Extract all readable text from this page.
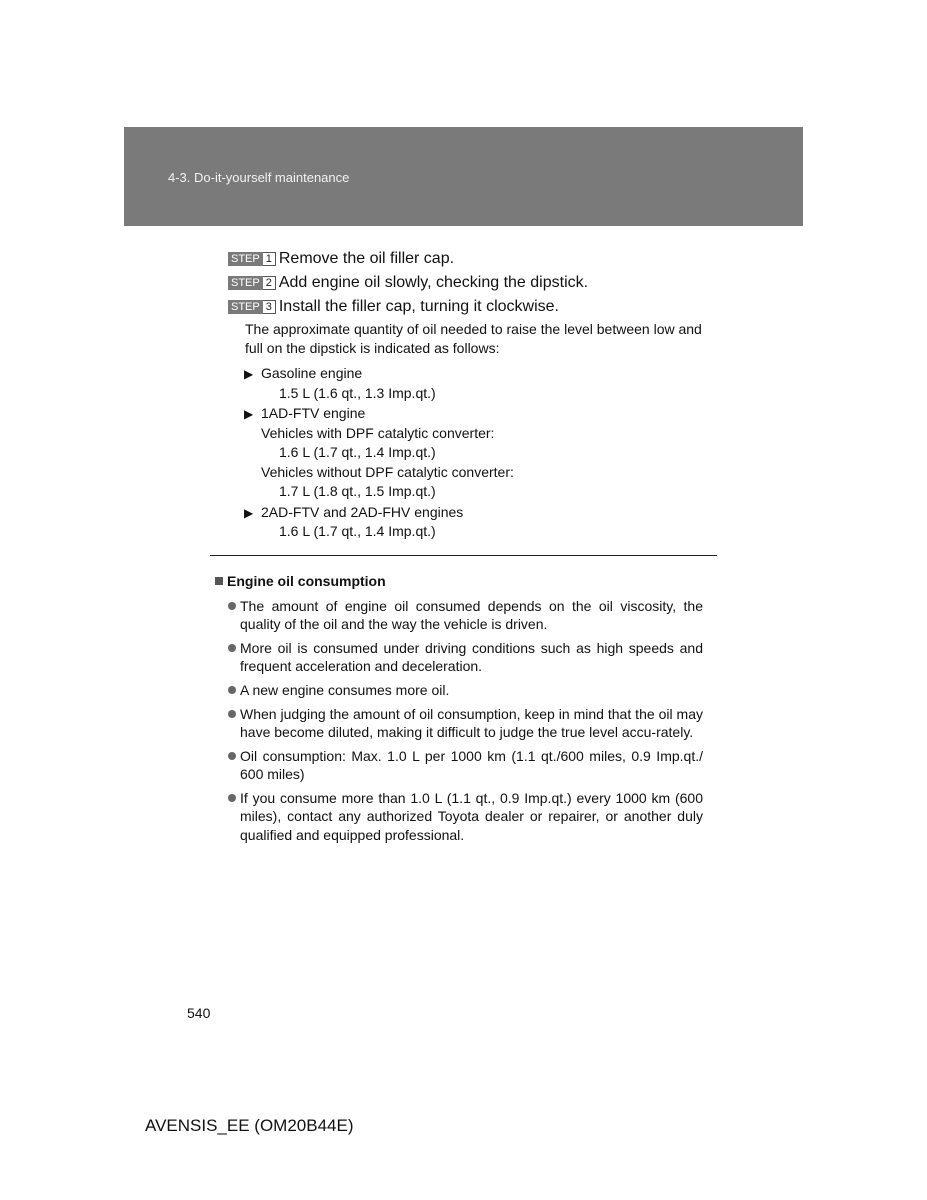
4-3. Do-it-yourself maintenance
STEP 1 Remove the oil filler cap.
STEP 2 Add engine oil slowly, checking the dipstick.
STEP 3 Install the filler cap, turning it clockwise.
The approximate quantity of oil needed to raise the level between low and full on the dipstick is indicated as follows:
▶ Gasoline engine
1.5 L (1.6 qt., 1.3 Imp.qt.)
▶ 1AD-FTV engine
Vehicles with DPF catalytic converter:
1.6 L (1.7 qt., 1.4 Imp.qt.)
Vehicles without DPF catalytic converter:
1.7 L (1.8 qt., 1.5 Imp.qt.)
▶ 2AD-FTV and 2AD-FHV engines
1.6 L (1.7 qt., 1.4 Imp.qt.)
Engine oil consumption
The amount of engine oil consumed depends on the oil viscosity, the quality of the oil and the way the vehicle is driven.
More oil is consumed under driving conditions such as high speeds and frequent acceleration and deceleration.
A new engine consumes more oil.
When judging the amount of oil consumption, keep in mind that the oil may have become diluted, making it difficult to judge the true level accu-rately.
Oil consumption: Max. 1.0 L per 1000 km (1.1 qt./600 miles, 0.9 Imp.qt./ 600 miles)
If you consume more than 1.0 L (1.1 qt., 0.9 Imp.qt.) every 1000 km (600 miles), contact any authorized Toyota dealer or repairer, or another duly qualified and equipped professional.
540
AVENSIS_EE (OM20B44E)
